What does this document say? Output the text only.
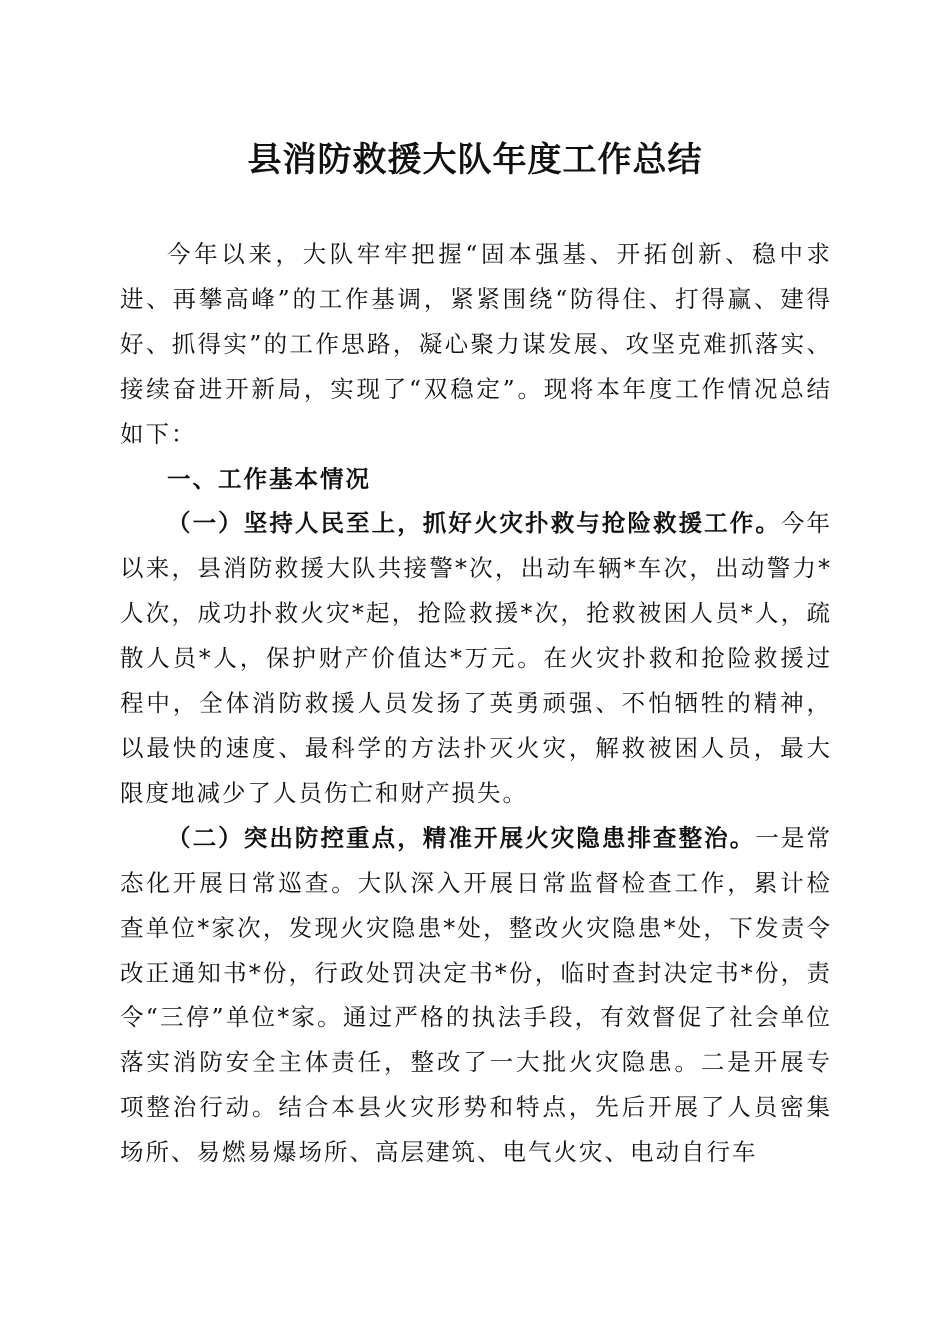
县消防救援大队年度工作总结

今年以来，大队牢牢把握“固本强基、开拓创新、稳中求进、再攀高峰”的工作基调，紧紧围绕“防得住、打得赢、建得好、抓得实”的工作思路，凝心聚力谋发展、攻坚克难抓落实、接续奋进开新局，实现了“双稳定”。现将本年度工作情况总结如下：

一、工作基本情况

（一）坚持人民至上，抓好火灾扑救与抢险救援工作。今年以来，县消防救援大队共接警*次，出动车辆*车次，出动警力*人次，成功扑救火灾*起，抢险救援*次，抢救被困人员*人，疏散人员*人，保护财产价值达*万元。在火灾扑救和抢险救援过程中，全体消防救援人员发扬了英勇顽强、不怕牺牲的精神，以最快的速度、最科学的方法扑灭火灾，解救被困人员，最大限度地减少了人员伤亡和财产损失。

（二）突出防控重点，精准开展火灾隐患排查整治。一是常态化开展日常巡查。大队深入开展日常监督检查工作，累计检查单位*家次，发现火灾隐患*处，整改火灾隐患*处，下发责令改正通知书*份，行政处罚决定书*份，临时查封决定书*份，责令“三停”单位*家。通过严格的执法手段，有效督促了社会单位落实消防安全主体责任，整改了一大批火灾隐患。二是开展专项整治行动。结合本县火灾形势和特点，先后开展了人员密集场所、易燃易爆场所、高层建筑、电气火灾、电动自行车
